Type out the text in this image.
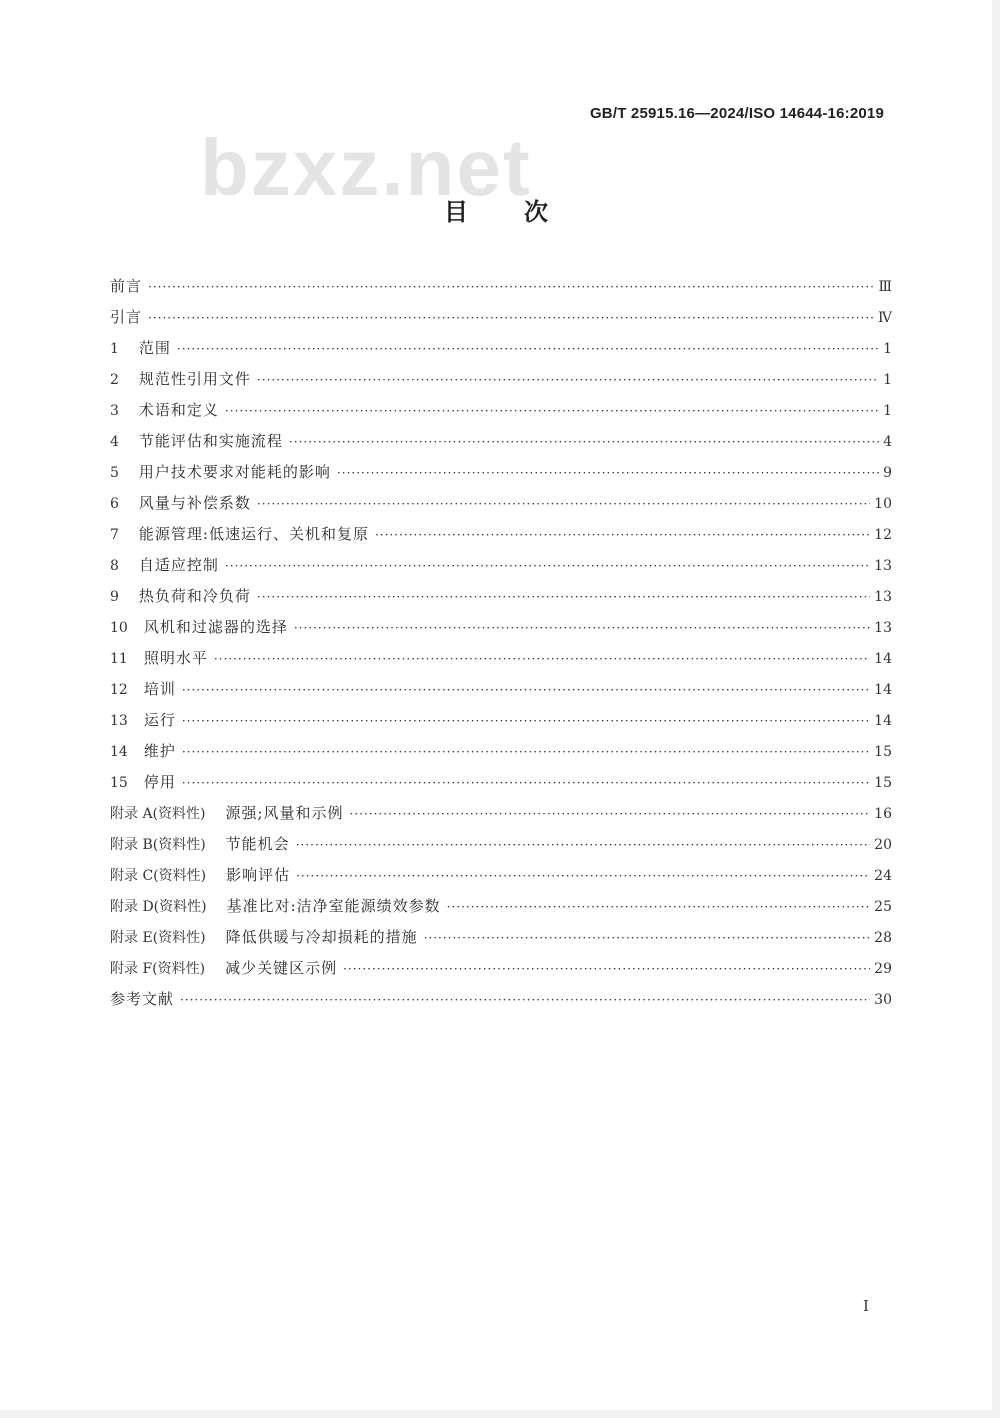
bzxz.net
GB/T 25915.16—2024/ISO 14644-16:2019
目次
前言 ·····	Ⅲ
引言 ·····	Ⅳ
1 范围 ·····	1
2 规范性引用文件 ·····	1
3 术语和定义 ·····	1
4 节能评估和实施流程 ·····	4
5 用户技术要求对能耗的影响 ·····	9
6 风量与补偿系数 ·····	10
7 能源管理:低速运行、关机和复原 ·····	12
8 自适应控制 ·····	13
9 热负荷和冷负荷 ·····	13
10 风机和过滤器的选择 ·····	13
11 照明水平 ·····	14
12 培训 ·····	14
13 运行 ·····	14
14 维护 ·····	15
15 停用 ·····	15
附录 A(资料性) 源强;风量和示例 ·····	16
附录 B(资料性) 节能机会 ·····	20
附录 C(资料性) 影响评估 ·····	24
附录 D(资料性) 基准比对:洁净室能源绩效参数 ·····	25
附录 E(资料性) 降低供暖与冷却损耗的措施 ·····	28
附录 F(资料性) 减少关键区示例 ·····	29
参考文献 ·····	30
Ⅰ
